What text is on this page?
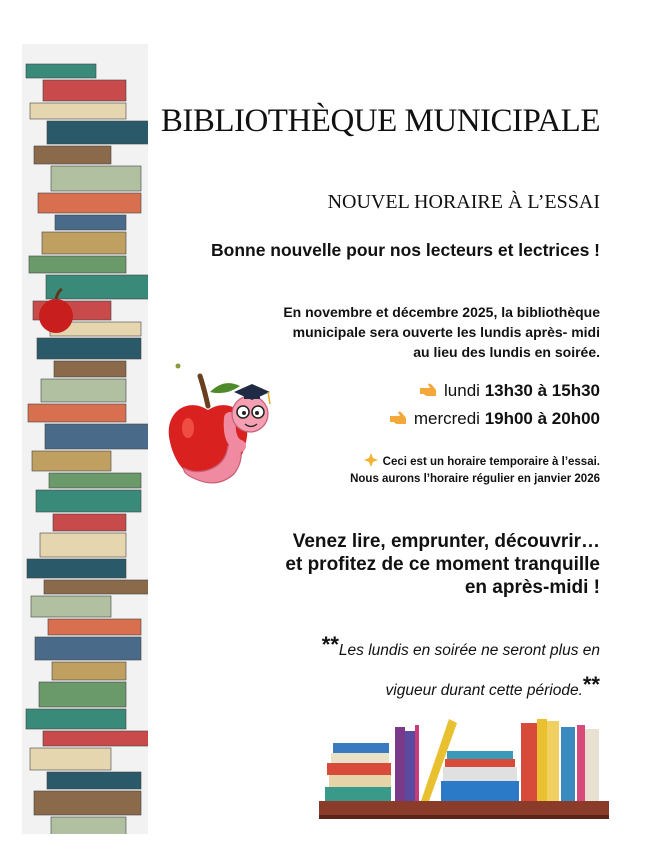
BIBLIOTHÈQUE MUNICIPALE
NOUVEL HORAIRE À L’ESSAI
Bonne nouvelle pour nos lecteurs et lectrices !
En novembre et décembre 2025, la bibliothèque
municipale sera ouverte les lundis après- midi
au lieu des lundis en soirée.
lundi 13h30 à 15h30
mercredi 19h00 à 20h00
Ceci est un horaire temporaire à l’essai.
Nous aurons l’horaire régulier en janvier 2026
Venez lire, emprunter, découvrir…
et profitez de ce moment tranquille
en après-midi !
**Les lundis en soirée ne seront plus en
vigueur durant cette période.**
